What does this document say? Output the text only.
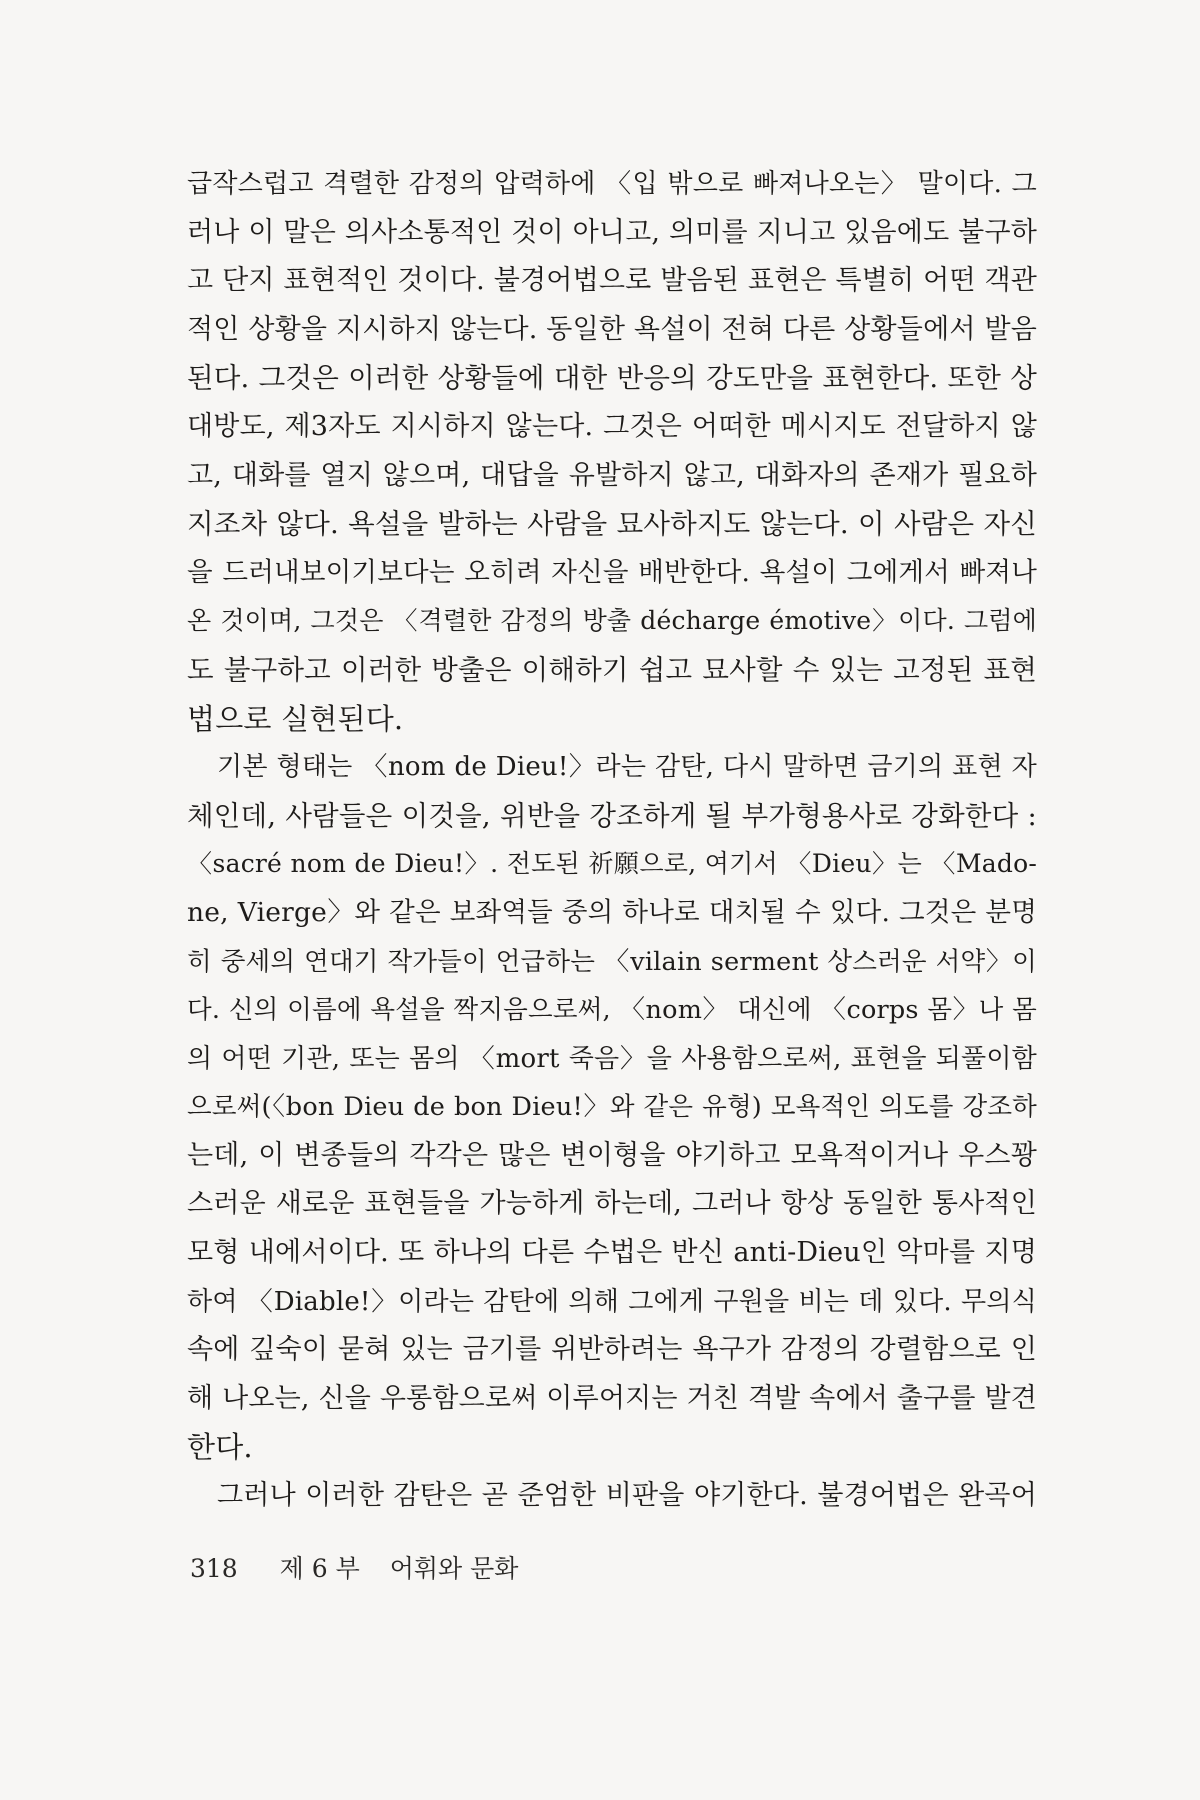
급작스럽고 격렬한 감정의 압력하에 〈입 밖으로 빠져나오는〉 말이다. 그
러나 이 말은 의사소통적인 것이 아니고, 의미를 지니고 있음에도 불구하
고 단지 표현적인 것이다. 불경어법으로 발음된 표현은 특별히 어떤 객관
적인 상황을 지시하지 않는다. 동일한 욕설이 전혀 다른 상황들에서 발음
된다. 그것은 이러한 상황들에 대한 반응의 강도만을 표현한다. 또한 상
대방도, 제3자도 지시하지 않는다. 그것은 어떠한 메시지도 전달하지 않
고, 대화를 열지 않으며, 대답을 유발하지 않고, 대화자의 존재가 필요하
지조차 않다. 욕설을 발하는 사람을 묘사하지도 않는다. 이 사람은 자신
을 드러내보이기보다는 오히려 자신을 배반한다. 욕설이 그에게서 빠져나
온 것이며, 그것은 〈격렬한 감정의 방출 décharge émotive〉이다. 그럼에
도 불구하고 이러한 방출은 이해하기 쉽고 묘사할 수 있는 고정된 표현
법으로 실현된다.
기본 형태는 〈nom de Dieu!〉라는 감탄, 다시 말하면 금기의 표현 자
체인데, 사람들은 이것을, 위반을 강조하게 될 부가형용사로 강화한다 :
〈sacré nom de Dieu!〉. 전도된 祈願으로, 여기서 〈Dieu〉는 〈Mado-
ne, Vierge〉와 같은 보좌역들 중의 하나로 대치될 수 있다. 그것은 분명
히 중세의 연대기 작가들이 언급하는 〈vilain serment 상스러운 서약〉이
다. 신의 이름에 욕설을 짝지음으로써, 〈nom〉 대신에 〈corps 몸〉나 몸
의 어떤 기관, 또는 몸의 〈mort 죽음〉을 사용함으로써, 표현을 되풀이함
으로써(〈bon Dieu de bon Dieu!〉와 같은 유형) 모욕적인 의도를 강조하
는데, 이 변종들의 각각은 많은 변이형을 야기하고 모욕적이거나 우스꽝
스러운 새로운 표현들을 가능하게 하는데, 그러나 항상 동일한 통사적인
모형 내에서이다. 또 하나의 다른 수법은 반신 anti-Dieu인 악마를 지명
하여 〈Diable!〉이라는 감탄에 의해 그에게 구원을 비는 데 있다. 무의식
속에 깊숙이 묻혀 있는 금기를 위반하려는 욕구가 감정의 강렬함으로 인
해 나오는, 신을 우롱함으로써 이루어지는 거친 격발 속에서 출구를 발견
한다.
그러나 이러한 감탄은 곧 준엄한 비판을 야기한다. 불경어법은 완곡어
318 제 6 부 어휘와 문화
